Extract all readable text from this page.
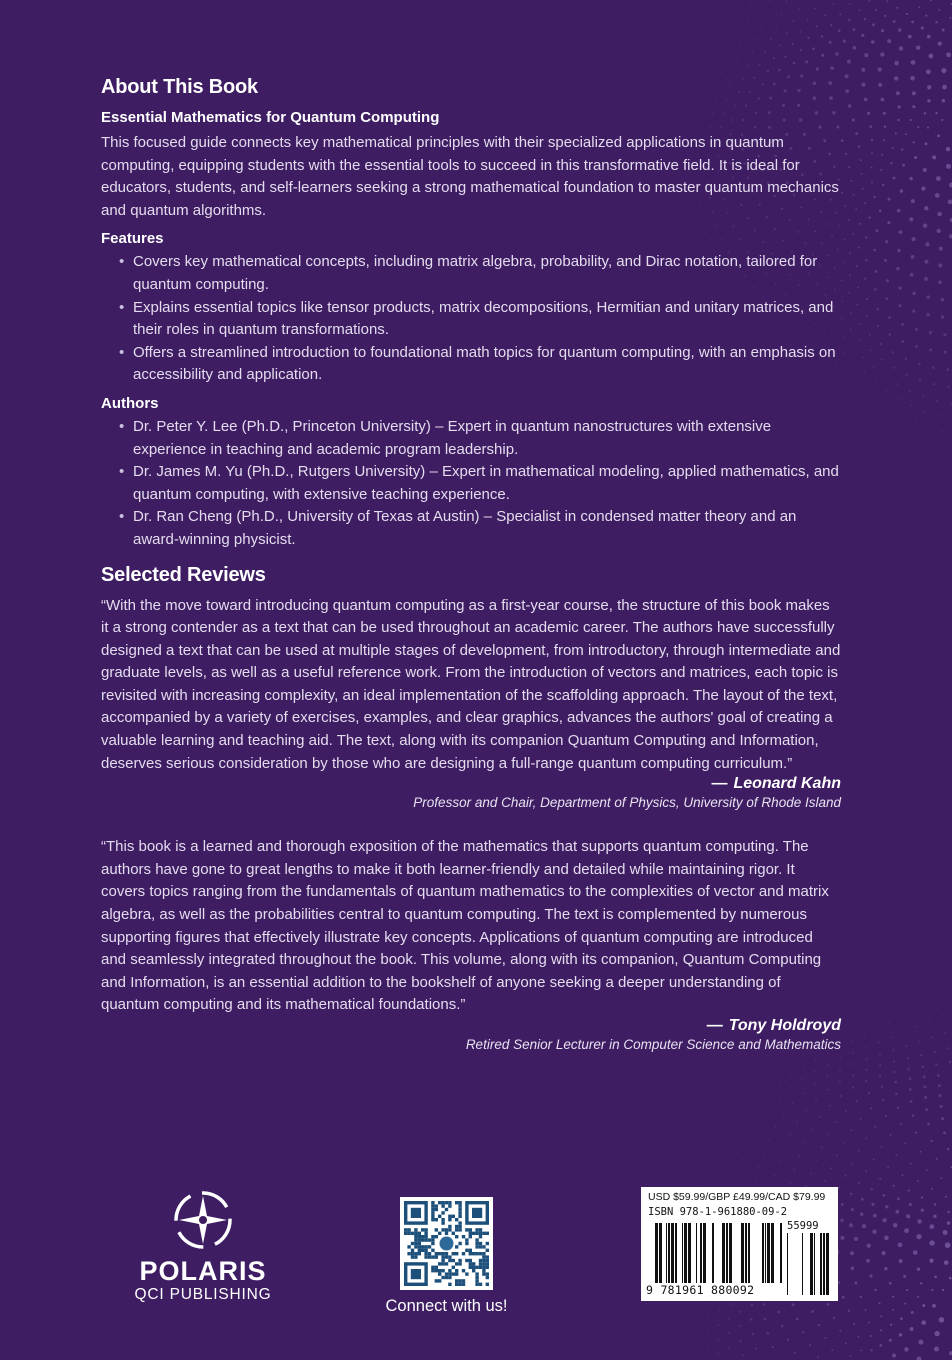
About This Book
Essential Mathematics for Quantum Computing
This focused guide connects key mathematical principles with their specialized applications in quantum computing, equipping students with the essential tools to succeed in this transformative field. It is ideal for educators, students, and self-learners seeking a strong mathematical foundation to master quantum mechanics and quantum algorithms.
Features
• Covers key mathematical concepts, including matrix algebra, probability, and Dirac notation, tailored for quantum computing.
• Explains essential topics like tensor products, matrix decompositions, Hermitian and unitary matrices, and their roles in quantum transformations.
• Offers a streamlined introduction to foundational math topics for quantum computing, with an emphasis on accessibility and application.
Authors
• Dr. Peter Y. Lee (Ph.D., Princeton University) – Expert in quantum nanostructures with extensive experience in teaching and academic program leadership.
• Dr. James M. Yu (Ph.D., Rutgers University) – Expert in mathematical modeling, applied mathematics, and quantum computing, with extensive teaching experience.
• Dr. Ran Cheng (Ph.D., University of Texas at Austin) – Specialist in condensed matter theory and an award-winning physicist.
Selected Reviews
“With the move toward introducing quantum computing as a first-year course, the structure of this book makes it a strong contender as a text that can be used throughout an academic career. The authors have successfully designed a text that can be used at multiple stages of development, from introductory, through intermediate and graduate levels, as well as a useful reference work. From the introduction of vectors and matrices, each topic is revisited with increasing complexity, an ideal implementation of the scaffolding approach. The layout of the text, accompanied by a variety of exercises, examples, and clear graphics, advances the authors' goal of creating a valuable learning and teaching aid. The text, along with its companion Quantum Computing and Information, deserves serious consideration by those who are designing a full-range quantum computing curriculum.”
— Leonard Kahn
Professor and Chair, Department of Physics, University of Rhode Island
“This book is a learned and thorough exposition of the mathematics that supports quantum computing. The authors have gone to great lengths to make it both learner-friendly and detailed while maintaining rigor. It covers topics ranging from the fundamentals of quantum mathematics to the complexities of vector and matrix algebra, as well as the probabilities central to quantum computing. The text is complemented by numerous supporting figures that effectively illustrate key concepts. Applications of quantum computing are introduced and seamlessly integrated throughout the book. This volume, along with its companion, Quantum Computing and Information, is an essential addition to the bookshelf of anyone seeking a deeper understanding of quantum computing and its mathematical foundations.”
— Tony Holdroyd
Retired Senior Lecturer in Computer Science and Mathematics
POLARIS
QCI PUBLISHING
Connect with us!
USD $59.99/GBP £49.99/CAD $79.99
ISBN 978-1-961880-09-2
55999
9 781961 880092
